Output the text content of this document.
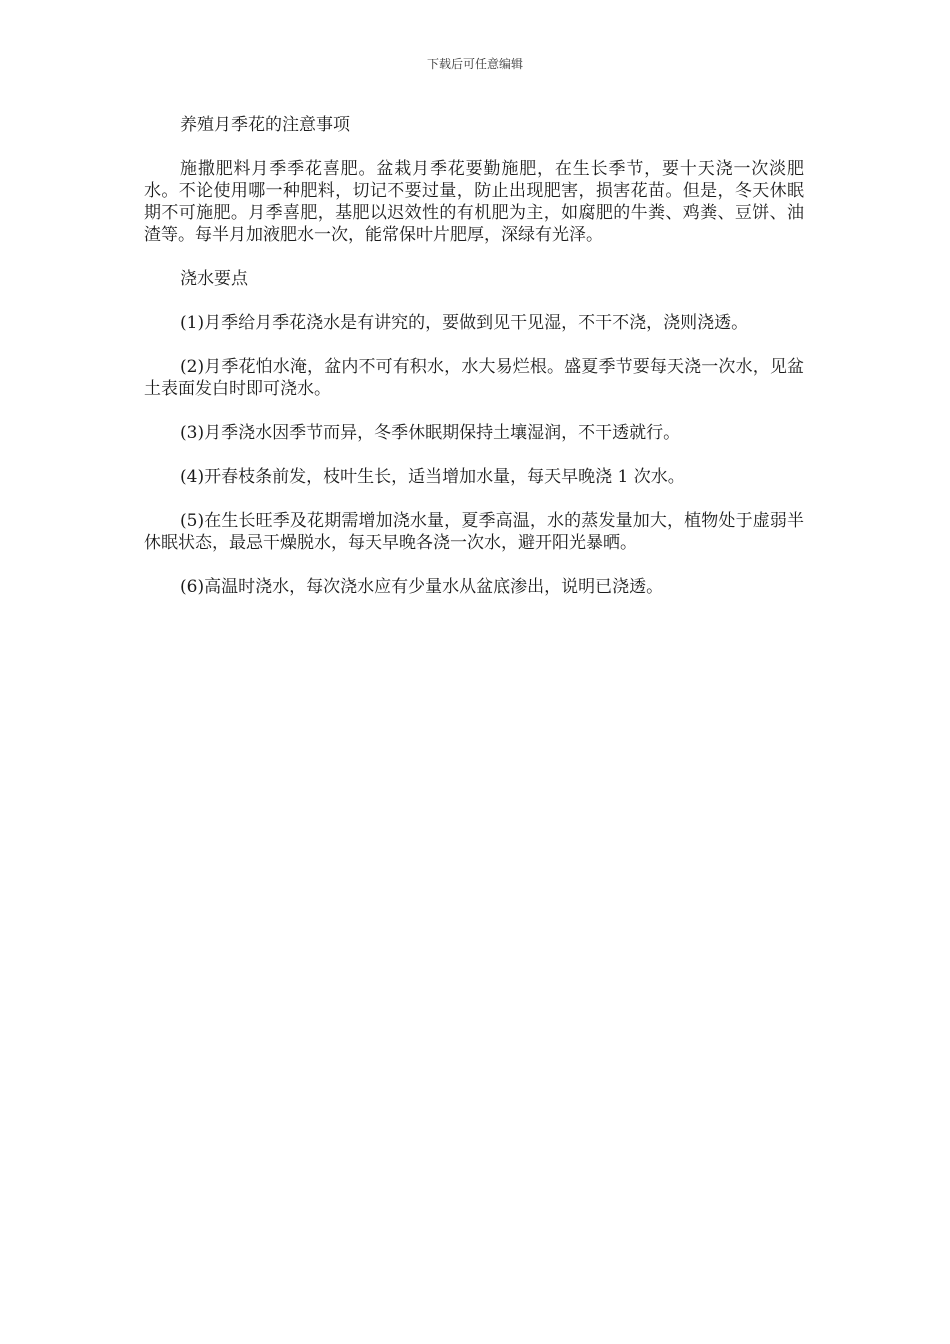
下载后可任意编辑

养殖月季花的注意事项

施撒肥料月季季花喜肥。盆栽月季花要勤施肥，在生长季节，要十天浇一次淡肥水。不论使用哪一种肥料，切记不要过量，防止出现肥害，损害花苗。但是，冬天休眠期不可施肥。月季喜肥，基肥以迟效性的有机肥为主，如腐肥的牛粪、鸡粪、豆饼、油渣等。每半月加液肥水一次，能常保叶片肥厚，深绿有光泽。

浇水要点

(1)月季给月季花浇水是有讲究的，要做到见干见湿，不干不浇，浇则浇透。

(2)月季花怕水淹，盆内不可有积水，水大易烂根。盛夏季节要每天浇一次水，见盆土表面发白时即可浇水。

(3)月季浇水因季节而异，冬季休眠期保持土壤湿润，不干透就行。

(4)开春枝条前发，枝叶生长，适当增加水量，每天早晚浇 1 次水。

(5)在生长旺季及花期需增加浇水量，夏季高温，水的蒸发量加大，植物处于虚弱半休眠状态，最忌干燥脱水，每天早晚各浇一次水，避开阳光暴晒。

(6)高温时浇水，每次浇水应有少量水从盆底渗出，说明已浇透。
